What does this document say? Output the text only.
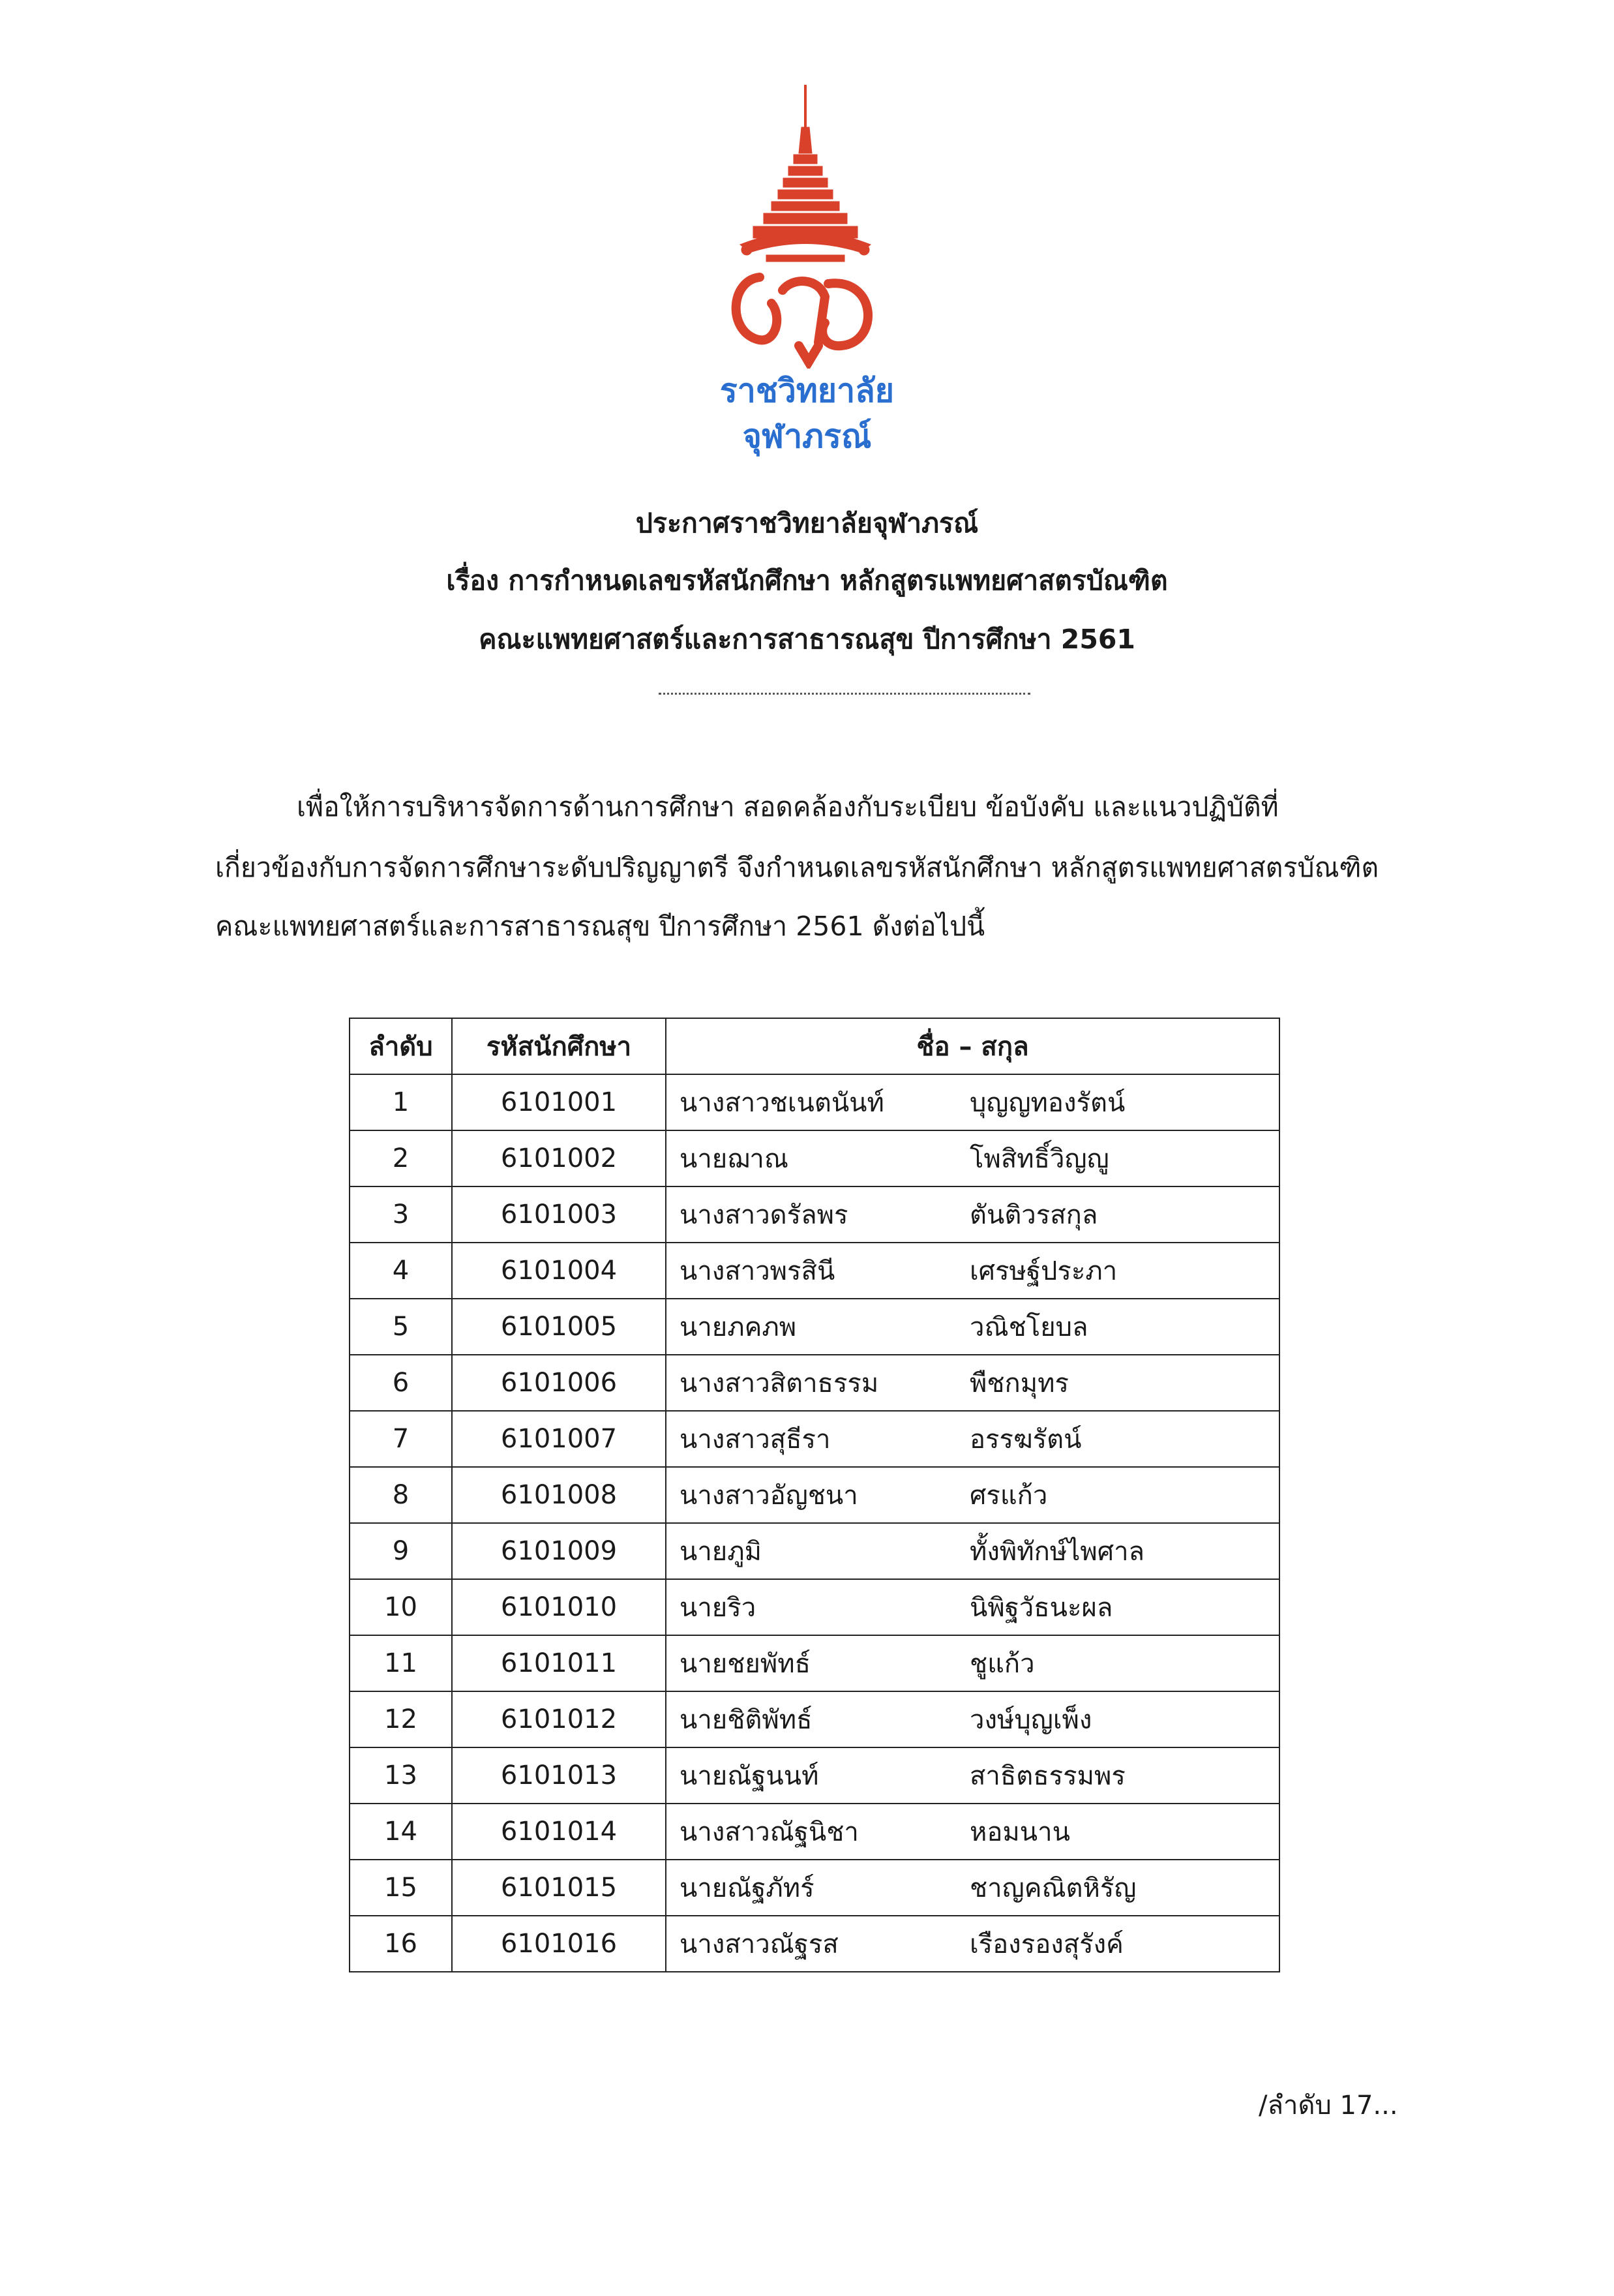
ราชวิทยาลัย
จุฬาภรณ์
ประกาศราชวิทยาลัยจุฬาภรณ์
เรื่อง การกำหนดเลขรหัสนักศึกษา หลักสูตรแพทยศาสตรบัณฑิต
คณะแพทยศาสตร์และการสาธารณสุข ปีการศึกษา 2561
เพื่อให้การบริหารจัดการด้านการศึกษา สอดคล้องกับระเบียบ ข้อบังคับ และแนวปฏิบัติที่
เกี่ยวข้องกับการจัดการศึกษาระดับปริญญาตรี จึงกำหนดเลขรหัสนักศึกษา หลักสูตรแพทยศาสตรบัณฑิต
คณะแพทยศาสตร์และการสาธารณสุข ปีการศึกษา 2561 ดังต่อไปนี้
ลำดับ	รหัสนักศึกษา	ชื่อ – สกุล
1	6101001	นางสาวชเนตนันท์ บุญญทองรัตน์
2	6101002	นายฌาณ โพสิทธิ์วิญญู
3	6101003	นางสาวดรัลพร ตันติวรสกุล
4	6101004	นางสาวพรสินี เศรษฐ์ประภา
5	6101005	นายภคภพ วณิชโยบล
6	6101006	นางสาวสิตาธรรม พืชกมุทร
7	6101007	นางสาวสุธีรา อรรฆรัตน์
8	6101008	นางสาวอัญชนา ศรแก้ว
9	6101009	นายภูมิ ทั้งพิทักษ์ไพศาล
10	6101010	นายริว นิพิฐวัธนะผล
11	6101011	นายชยพัทธ์ ชูแก้ว
12	6101012	นายชิติพัทธ์ วงษ์บุญเพ็ง
13	6101013	นายณัฐนนท์ สาธิตธรรมพร
14	6101014	นางสาวณัฐนิชา หอมนาน
15	6101015	นายณัฐภัทร์ ชาญคณิตหิรัญ
16	6101016	นางสาวณัฐรส เรืองรองสุรังค์
/ลำดับ 17...
